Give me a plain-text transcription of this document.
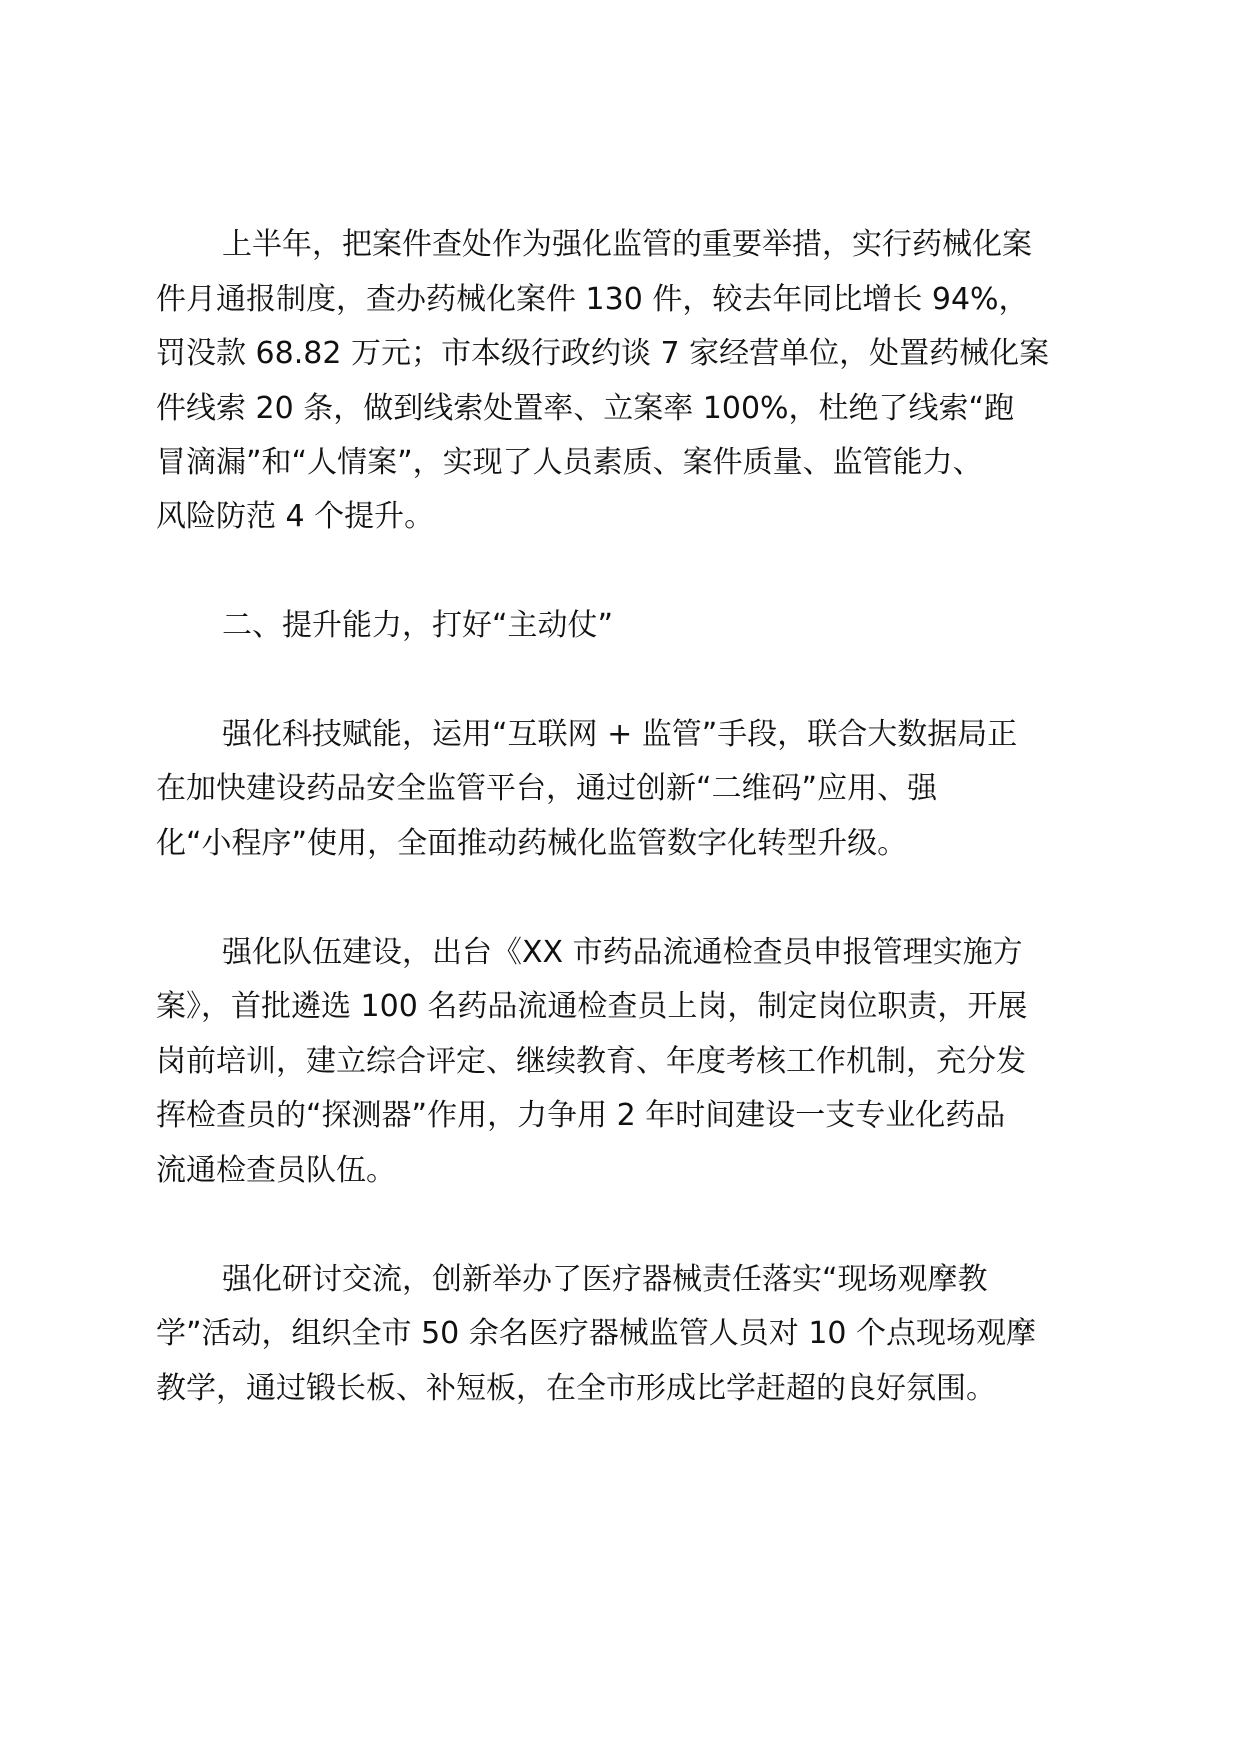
上半年，把案件查处作为强化监管的重要举措，实行药械化案

件月通报制度，查办药械化案件 130 件，较去年同比增长 94%，

罚没款 68.82 万元；市本级行政约谈 7 家经营单位，处置药械化案

件线索 20 条，做到线索处置率、立案率 100%，杜绝了线索“跑

冒滴漏”和“人情案”，实现了人员素质、案件质量、监管能力、

风险防范 4 个提升。

二、提升能力，打好“主动仗”

强化科技赋能，运用“互联网 + 监管”手段，联合大数据局正

在加快建设药品安全监管平台，通过创新“二维码”应用、强

化“小程序”使用，全面推动药械化监管数字化转型升级。

强化队伍建设，出台《XX 市药品流通检查员申报管理实施方

案》，首批遴选 100 名药品流通检查员上岗，制定岗位职责，开展

岗前培训，建立综合评定、继续教育、年度考核工作机制，充分发

挥检查员的“探测器”作用，力争用 2 年时间建设一支专业化药品

流通检查员队伍。

强化研讨交流，创新举办了医疗器械责任落实“现场观摩教

学”活动，组织全市 50 余名医疗器械监管人员对 10 个点现场观摩

教学，通过锻长板、补短板，在全市形成比学赶超的良好氛围。
